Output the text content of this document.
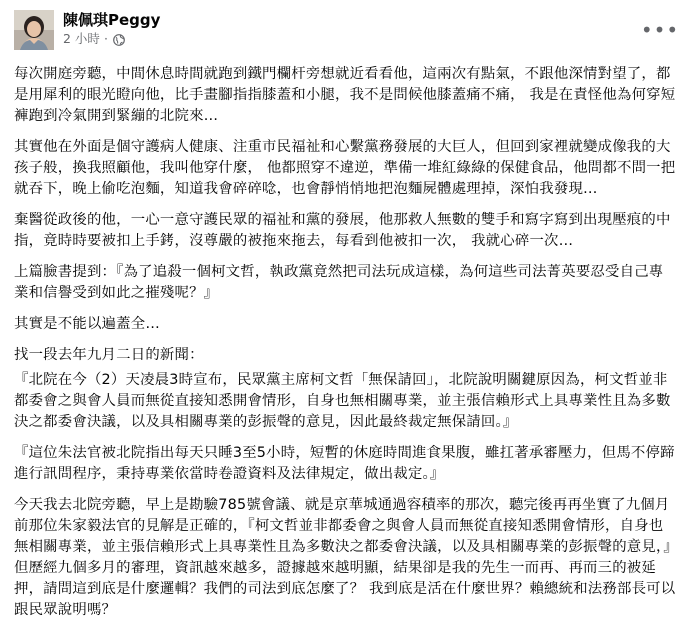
陳佩琪Peggy
2 小時 ·	•••

每次開庭旁聽，中間休息時間就跑到鐵門欄杆旁想就近看看他，這兩次有點氣，不跟他深情對望了，都是用犀利的眼光瞪向他，比手畫腳指指膝蓋和小腿，我不是問候他膝蓋痛不痛， 我是在責怪他為何穿短褲跑到冷氣開到緊繃的北院來…

其實他在外面是個守護病人健康、注重市民福祉和心繫黨務發展的大巨人，但回到家裡就變成像我的大孩子般，換我照顧他，我叫他穿什麼， 他都照穿不違逆，準備一堆紅綠綠的保健食品，他問都不問一把就吞下，晚上偷吃泡麵，知道我會碎碎唸，也會靜悄悄地把泡麵屍體處理掉，深怕我發現…

棄醫從政後的他，一心一意守護民眾的福祉和黨的發展，他那救人無數的雙手和寫字寫到出現壓痕的中指，竟時時要被扣上手銬，沒尊嚴的被拖來拖去，每看到他被扣一次， 我就心碎一次…

上篇臉書提到：『為了追殺一個柯文哲，執政黨竟然把司法玩成這樣，為何這些司法菁英要忍受自己專業和信譽受到如此之摧殘呢？』

其實是不能以遍蓋全…

找一段去年九月二日的新聞：

『北院在今（2）天凌晨3時宣布，民眾黨主席柯文哲「無保請回」，北院說明關鍵原因為，柯文哲並非都委會之與會人員而無從直接知悉開會情形，自身也無相關專業，並主張信賴形式上具專業性且為多數決之都委會決議，以及具相關專業的彭振聲的意見，因此最終裁定無保請回。』

『這位朱法官被北院指出每天只睡3至5小時，短暫的休庭時間進食果腹，雖扛著承審壓力，但馬不停蹄進行訊問程序，秉持專業依當時卷證資料及法律規定，做出裁定。』

今天我去北院旁聽，早上是勘驗785號會議、就是京華城通過容積率的那次，聽完後再再坐實了九個月前那位朱家毅法官的見解是正確的，『柯文哲並非都委會之與會人員而無從直接知悉開會情形，自身也無相關專業，並主張信賴形式上具專業性且為多數決之都委會決議，以及具相關專業的彭振聲的意見，』但歷經九個多月的審理，資訊越來越多，證據越來越明顯，結果卻是我的先生一而再、再而三的被延押，請問這到底是什麼邏輯？我們的司法到底怎麼了？ 我到底是活在什麼世界？賴總統和法務部長可以跟民眾說明嗎？
